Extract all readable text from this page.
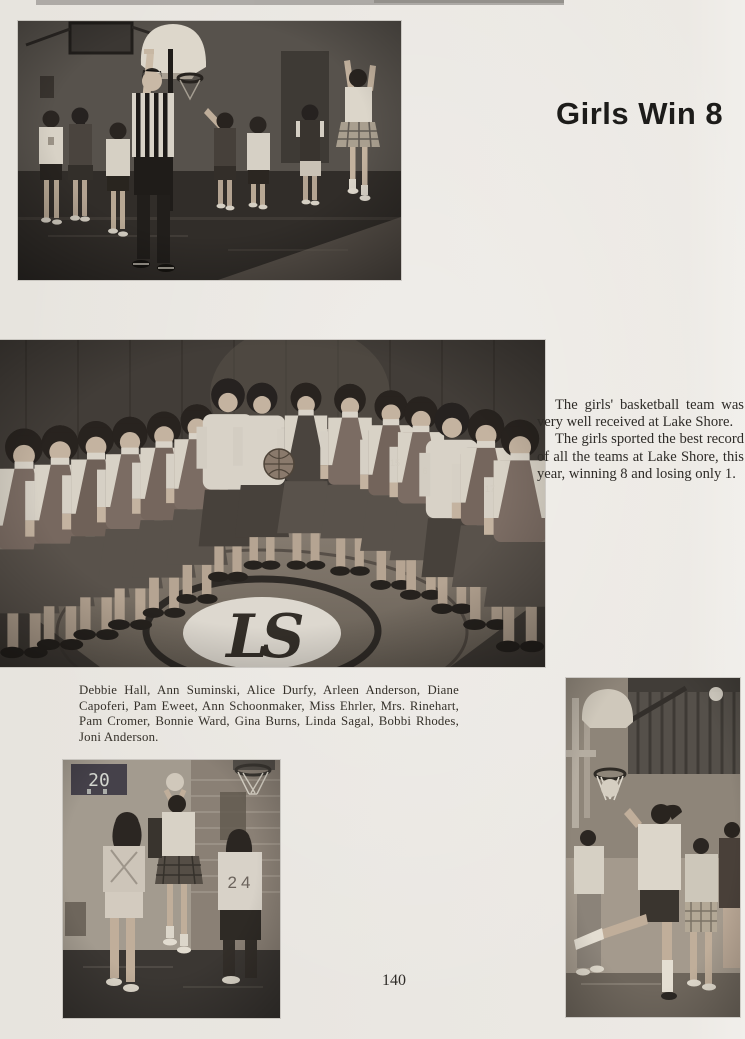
Girls Win 8

The girls' basketball team was very well received at Lake Shore.

The girls sported the best record of all the teams at Lake Shore, this year, winning 8 and losing only 1.

Debbie Hall, Ann Suminski, Alice Durfy, Arleen Anderson, Diane Capoferi, Pam Eweet, Ann Schoonmaker, Miss Ehrler, Mrs. Rinehart, Pam Cromer, Bonnie Ward, Gina Burns, Linda Sagal, Bobbi Rhodes, Joni Anderson.

140
